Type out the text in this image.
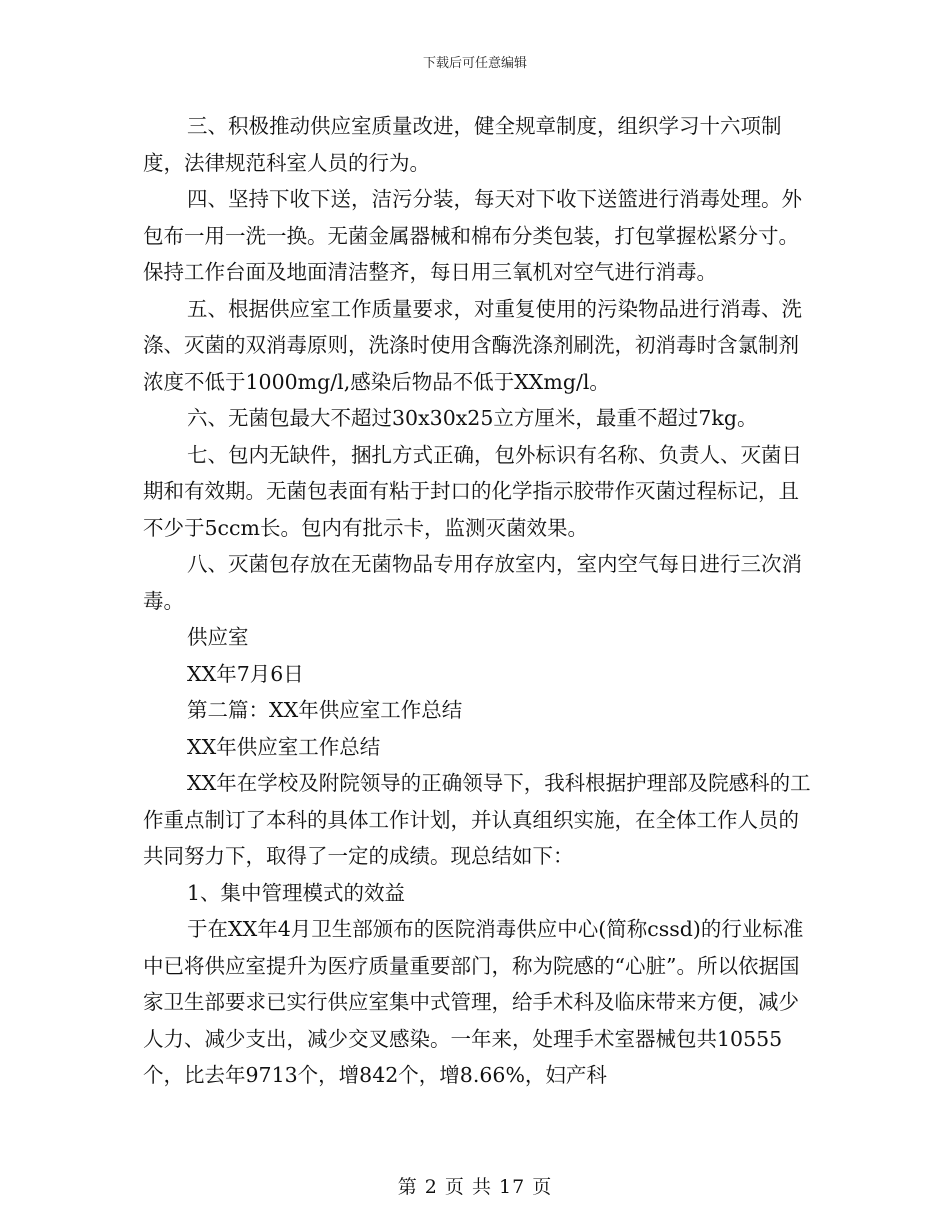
下载后可任意编辑

三、积极推动供应室质量改进，健全规章制度，组织学习十六项制度，法律规范科室人员的行为。

四、坚持下收下送，洁污分装，每天对下收下送篮进行消毒处理。外包布一用一洗一换。无菌金属器械和棉布分类包装，打包掌握松紧分寸。保持工作台面及地面清洁整齐，每日用三氧机对空气进行消毒。

五、根据供应室工作质量要求，对重复使用的污染物品进行消毒、洗涤、灭菌的双消毒原则，洗涤时使用含酶洗涤剂刷洗，初消毒时含氯制剂浓度不低于1000mg/l,感染后物品不低于XXmg/l。

六、无菌包最大不超过30x30x25立方厘米，最重不超过7kg。

七、包内无缺件，捆扎方式正确，包外标识有名称、负责人、灭菌日期和有效期。无菌包表面有粘于封口的化学指示胶带作灭菌过程标记，且不少于5ccm长。包内有批示卡，监测灭菌效果。

八、灭菌包存放在无菌物品专用存放室内，室内空气每日进行三次消毒。

供应室

XX年7月6日

第二篇：XX年供应室工作总结

XX年供应室工作总结

XX年在学校及附院领导的正确领导下，我科根据护理部及院感科的工作重点制订了本科的具体工作计划，并认真组织实施，在全体工作人员的共同努力下，取得了一定的成绩。现总结如下：

1、集中管理模式的效益

于在XX年4月卫生部颁布的医院消毒供应中心(简称cssd)的行业标准中已将供应室提升为医疗质量重要部门，称为院感的“心脏”。所以依据国家卫生部要求已实行供应室集中式管理，给手术科及临床带来方便，减少人力、减少支出，减少交叉感染。一年来，处理手术室器械包共10555个，比去年9713个，增842个，增8.66%，妇产科

第 2 页 共 17 页
